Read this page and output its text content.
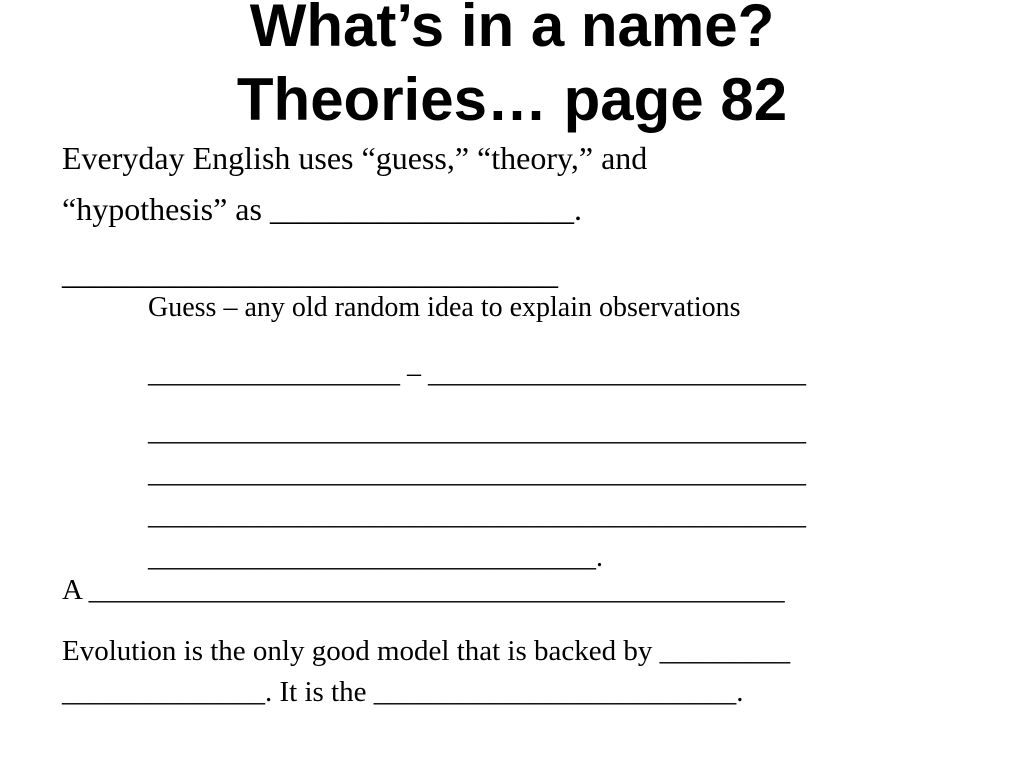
What’s in a name?
Theories… page 82
Everyday English uses “guess,” “theory,” and
“hypothesis” as ___________________.
_______________________________
Guess – any old random idea to explain observations
__________________ – ___________________________
_______________________________________________
_______________________________________________
_______________________________________________
________________________________.
A ________________________________________________
Evolution is the only good model that is backed by _________
______________. It is the _________________________.
